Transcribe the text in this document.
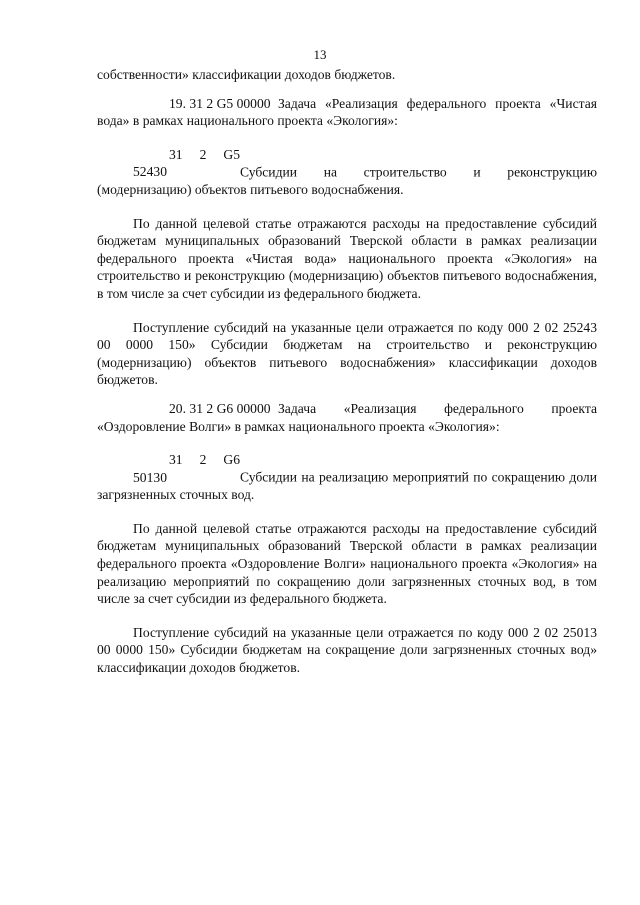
13

собственности» классификации доходов бюджетов.

19. 31 2 G5 00000 Задача «Реализация федерального проекта «Чистая вода» в рамках национального проекта «Экология»:

31 2 G5 52430	Субсидии на строительство и реконструкцию (модернизацию) объектов питьевого водоснабжения.

По данной целевой статье отражаются расходы на предоставление субсидий бюджетам муниципальных образований Тверской области в рамках реализации федерального проекта «Чистая вода» национального проекта «Экология» на строительство и реконструкцию (модернизацию) объектов питьевого водоснабжения, в том числе за счет субсидии из федерального бюджета.

Поступление субсидий на указанные цели отражается по коду 000 2 02 25243 00 0000 150» Субсидии бюджетам на строительство и реконструкцию (модернизацию) объектов питьевого водоснабжения» классификации доходов бюджетов.

20. 31 2 G6 00000 Задача «Реализация федерального проекта «Оздоровление Волги» в рамках национального проекта «Экология»:

31 2 G6 50130	Субсидии на реализацию мероприятий по сокращению доли загрязненных сточных вод.

По данной целевой статье отражаются расходы на предоставление субсидий бюджетам муниципальных образований Тверской области в рамках реализации федерального проекта «Оздоровление Волги» национального проекта «Экология» на реализацию мероприятий по сокращению доли загрязненных сточных вод, в том числе за счет субсидии из федерального бюджета.

Поступление субсидий на указанные цели отражается по коду 000 2 02 25013 00 0000 150» Субсидии бюджетам на сокращение доли загрязненных сточных вод» классификации доходов бюджетов.
